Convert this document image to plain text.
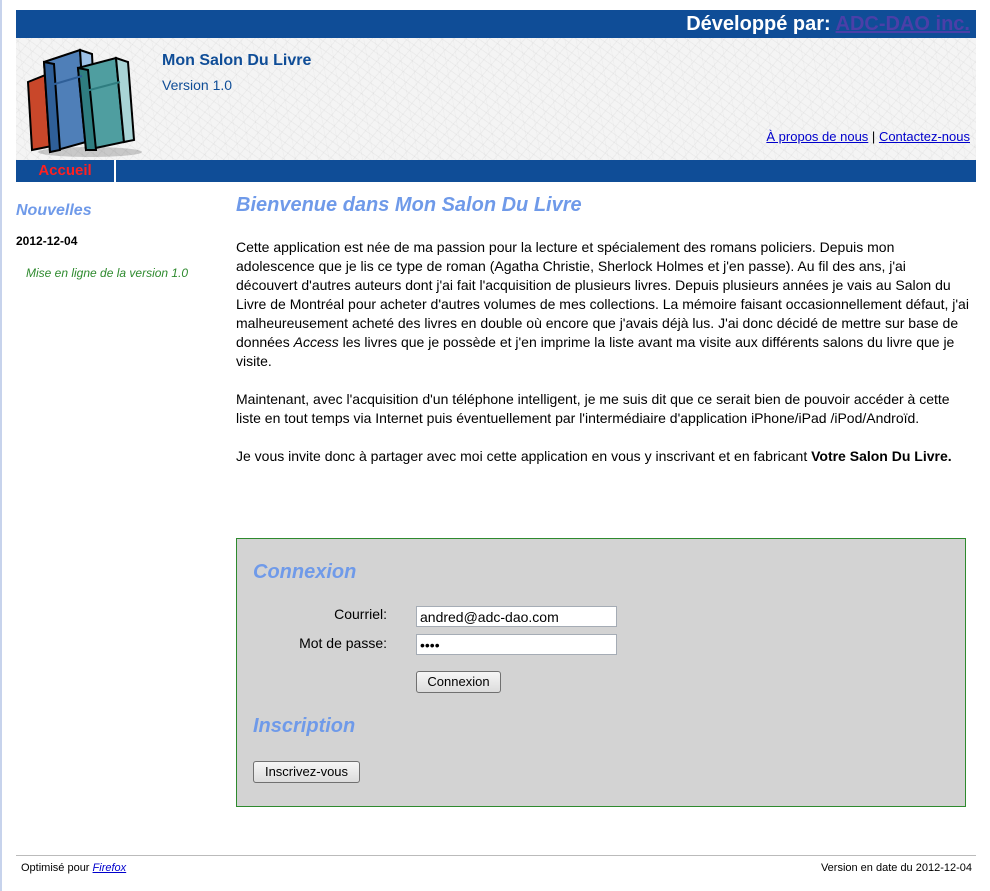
Développé par: ADC-DAO inc.
Mon Salon Du Livre
Version 1.0
À propos de nous | Contactez-nous
Accueil
Nouvelles
2012-12-04
Mise en ligne de la version 1.0
Bienvenue dans Mon Salon Du Livre

Cette application est née de ma passion pour la lecture et spécialement des romans policiers. Depuis mon adolescence que je lis ce type de roman (Agatha Christie, Sherlock Holmes et j'en passe). Au fil des ans, j'ai découvert d'autres auteurs dont j'ai fait l'acquisition de plusieurs livres. Depuis plusieurs années je vais au Salon du Livre de Montréal pour acheter d'autres volumes de mes collections. La mémoire faisant occasionnellement défaut, j'ai malheureusement acheté des livres en double où encore que j'avais déjà lus. J'ai donc décidé de mettre sur base de données Access les livres que je possède et j'en imprime la liste avant ma visite aux différents salons du livre que je visite.

Maintenant, avec l'acquisition d'un téléphone intelligent, je me suis dit que ce serait bien de pouvoir accéder à cette liste en tout temps via Internet puis éventuellement par l'intermédiaire d'application iPhone/iPad /iPod/Androïd.

Je vous invite donc à partager avec moi cette application en vous y inscrivant et en fabricant Votre Salon Du Livre.

Connexion
Courriel:
andred@adc-dao.com
Mot de passe:
Connexion
Inscription
Inscrivez-vous
Optimisé pour Firefox	Version en date du 2012-12-04
